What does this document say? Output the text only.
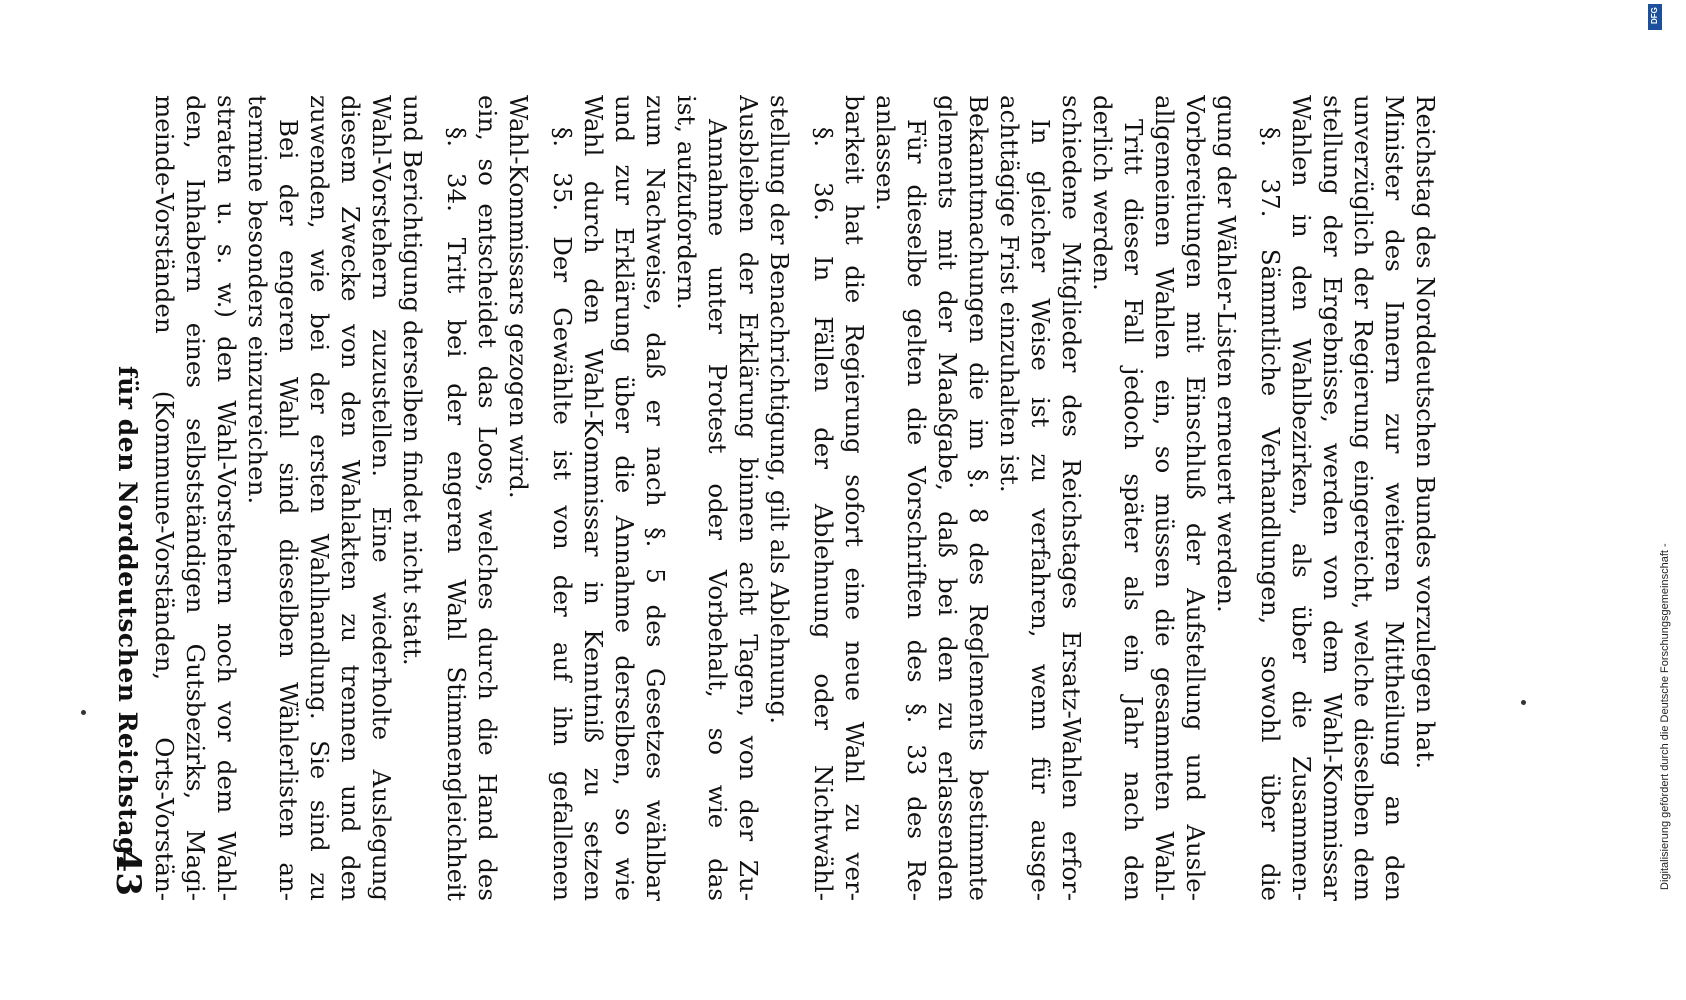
für den Norddeutschen Reichstag.
43 meinde-Vorständen (Kommune-Vorständen, Orts-Vorstän- den, Inhabern eines selbstständigen Gutsbezirks, Magi- straten u. s. w.) den Wahl-Vorstehern noch vor dem Wahl- termine besonders einzureichen. Bei der engeren Wahl sind dieselben Wählerlisten an- zuwenden, wie bei der ersten Wahlhandlung. Sie sind zu diesem Zwecke von den Wahlakten zu trennen und den Wahl-Vorstehern zuzustellen. Eine wiederholte Auslegung und Berichtigung derselben findet nicht statt. §. 34. Tritt bei der engeren Wahl Stimmengleichheit ein, so entscheidet das Loos, welches durch die Hand des Wahl-Kommissars gezogen wird. §. 35. Der Gewählte ist von der auf ihn gefallenen Wahl durch den Wahl-Kommissar in Kenntniß zu setzen und zur Erklärung über die Annahme derselben, so wie zum Nachweise, daß er nach §. 5 des Gesetzes wählbar ist, aufzufordern. Annahme unter Protest oder Vorbehalt, so wie das Ausbleiben der Erklärung binnen acht Tagen, von der Zu- stellung der Benachrichtigung, gilt als Ablehnung. §. 36. In Fällen der Ablehnung oder Nichtwähl- barkeit hat die Regierung sofort eine neue Wahl zu ver- anlassen. Für dieselbe gelten die Vorschriften des §. 33 des Re- glements mit der Maaßgabe, daß bei den zu erlassenden Bekanntmachungen die im §. 8 des Reglements bestimmte achttägige Frist einzuhalten ist. In gleicher Weise ist zu verfahren, wenn für ausge- schiedene Mitglieder des Reichstages Ersatz-Wahlen erfor- derlich werden. Tritt dieser Fall jedoch später als ein Jahr nach den allgemeinen Wahlen ein, so müssen die gesammten Wahl- Vorbereitungen mit Einschluß der Aufstellung und Ausle- gung der Wähler-Listen erneuert werden. §. 37. Sämmtliche Verhandlungen, sowohl über die Wahlen in den Wahlbezirken, als über die Zusammen- stellung der Ergebnisse, werden von dem Wahl-Kommissar unverzüglich der Regierung eingereicht, welche dieselben dem Minister des Innern zur weiteren Mittheilung an den Reichstag des Norddeutschen Bundes vorzulegen hat.	Digitalisierung gefördert durch die Deutsche Forschungsgemeinschaft -
DFG
